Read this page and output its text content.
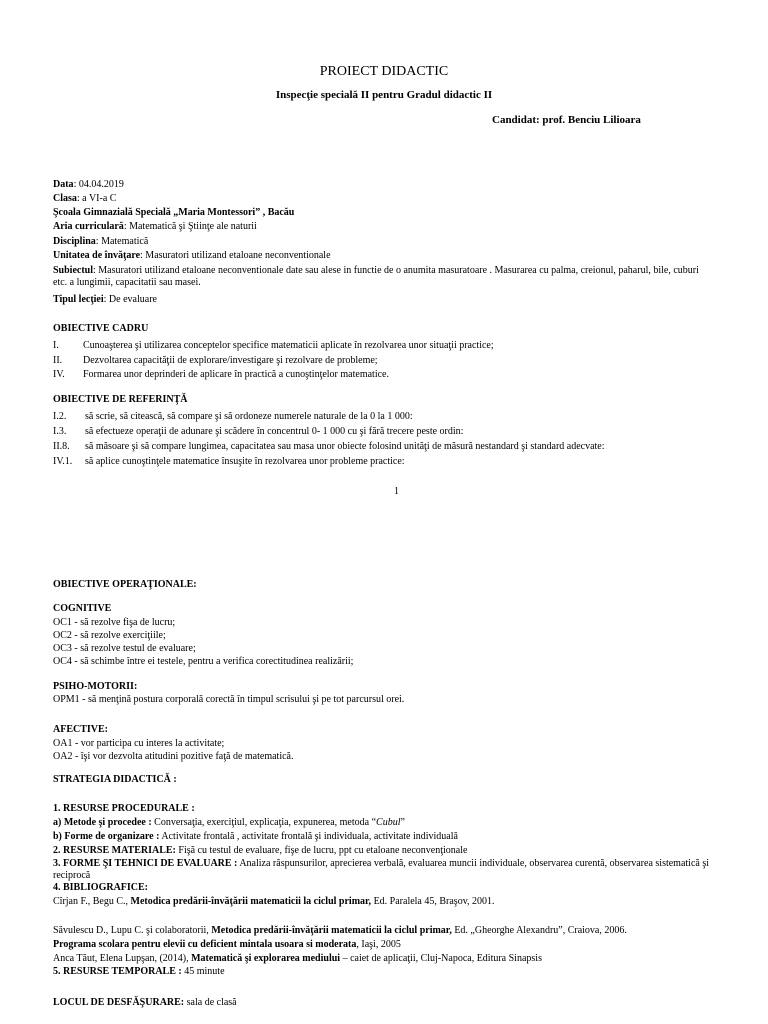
PROIECT DIDACTIC
Inspecţie specială II pentru Gradul didactic II
Candidat: prof. Benciu Lilioara
Data: 04.04.2019
Clasa: a VI-a C
Şcoala Gimnazială Specială „Maria Montessori” , Bacău
Aria curriculară: Matematică şi Ştiinţe ale naturii
Disciplina: Matematică
Unitatea de învăţare: Masuratori utilizand etaloane neconventionale
Subiectul: Masuratori utilizand etaloane neconventionale date sau alese in functie de o anumita masuratoare . Masurarea cu palma, creionul, paharul, bile, cuburi etc. a lungimii, capacitatii sau masei.
Tipul lecţiei: De evaluare
OBIECTIVE CADRU
I. Cunoaşterea şi utilizarea conceptelor specifice matematicii aplicate în rezolvarea unor situaţii practice;
II. Dezvoltarea capacităţii de explorare/investigare şi rezolvare de probleme;
IV. Formarea unor deprinderi de aplicare în practică a cunoştinţelor matematice.
OBIECTIVE DE REFERINŢĂ
I.2. să scrie, să citească, să compare şi să ordoneze numerele naturale de la 0 la 1 000:
I.3. să efectueze operaţii de adunare şi scădere în concentrul 0- 1 000 cu şi fără trecere peste ordin:
II.8. să măsoare şi să compare lungimea, capacitatea sau masa unor obiecte folosind unităţi de măsură nestandard şi standard adecvate:
IV.1. să aplice cunoştinţele matematice însuşite în rezolvarea unor probleme practice:
1
OBIECTIVE OPERAŢIONALE:
COGNITIVE
OC1 - să rezolve fişa de lucru;
OC2 - să rezolve exerciţiile;
OC3 - să rezolve testul de evaluare;
OC4 - să schimbe între ei testele, pentru a verifica corectitudinea realizării;
PSIHO-MOTORII:
OPM1 - să menţină postura corporală corectă în timpul scrisului şi pe tot parcursul orei.
AFECTIVE:
OA1 - vor participa cu interes la activitate;
OA2 - îşi vor dezvolta atitudini pozitive faţă de matematică.
STRATEGIA DIDACTICĂ :
1. RESURSE PROCEDURALE :
a) Metode şi procedee : Conversaţia, exerciţiul, explicaţia, expunerea, metoda “Cubul”
b) Forme de organizare : Activitate frontală , activitate frontală şi individuala, activitate individuală
2. RESURSE MATERIALE: Fişă cu testul de evaluare, fişe de lucru, ppt cu etaloane neconvenţionale
3. FORME ŞI TEHNICI DE EVALUARE : Analiza răspunsurilor, aprecierea verbală, evaluarea muncii individuale, observarea curentă, observarea sistematică şi reciprocă
4. BIBLIOGRAFICE:
Cîrjan F., Begu C., Metodica predării-învăţării matematicii la ciclul primar, Ed. Paralela 45, Braşov, 2001.
Săvulescu D., Lupu C. şi colaboratorii, Metodica predării-învăţării matematicii la ciclul primar, Ed. „Gheorghe Alexandru”, Craiova, 2006.
Programa scolara pentru elevii cu deficient mintala usoara si moderata, Iaşi, 2005
Anca Tăut, Elena Lupşan, (2014), Matematică şi explorarea mediului – caiet de aplicaţii, Cluj-Napoca, Editura Sinapsis
5. RESURSE TEMPORALE : 45 minute
LOCUL DE DESFĂŞURARE: sala de clasă
